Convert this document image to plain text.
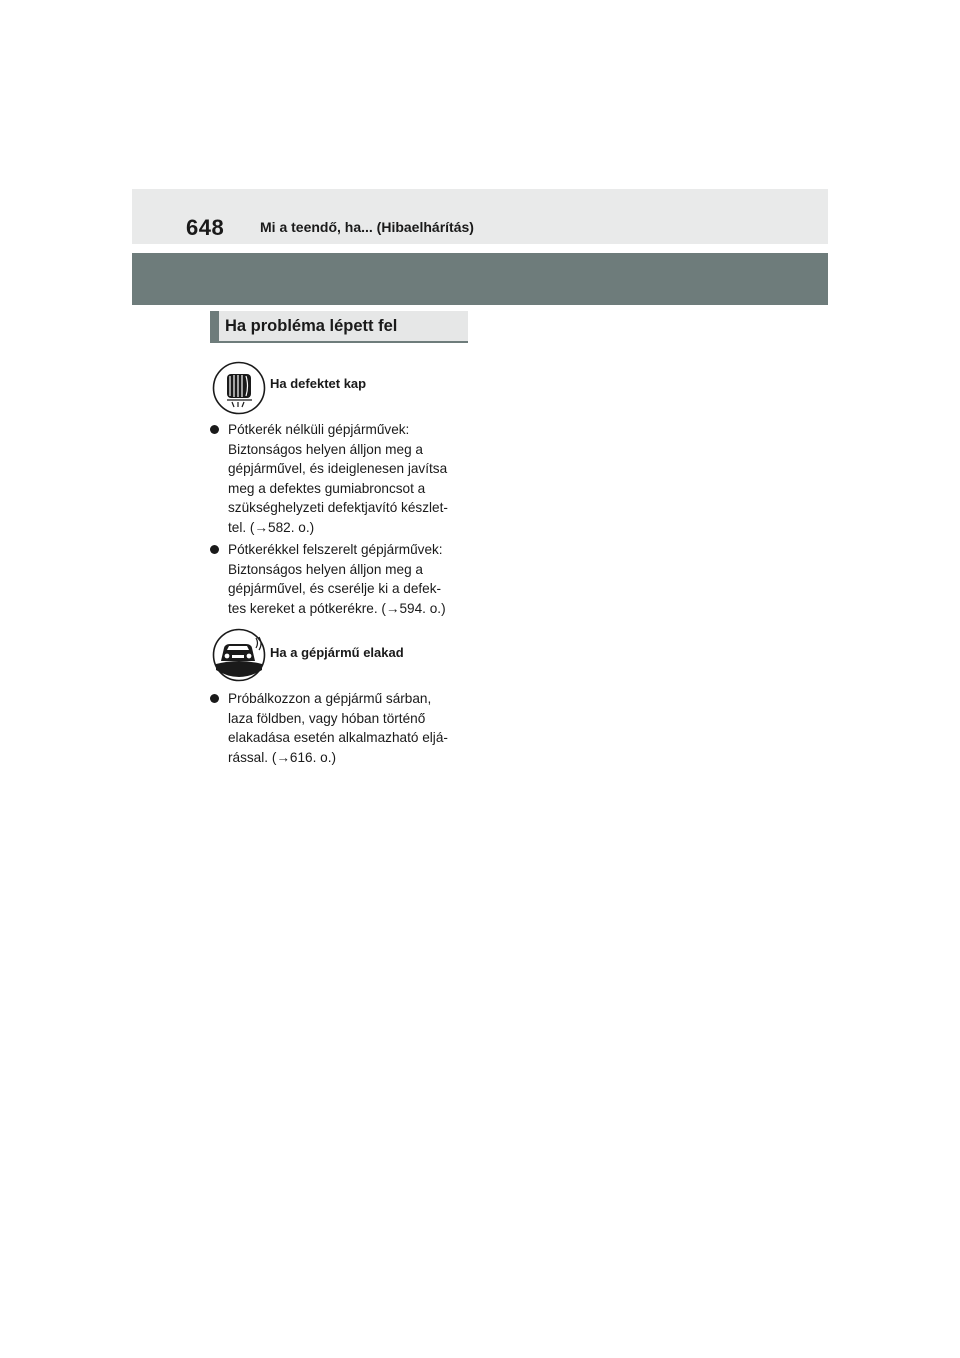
648	Mi a teendő, ha... (Hibaelhárítás)
Ha probléma lépett fel
Ha defektet kap
Pótkerék nélküli gépjárművek:
Biztonságos helyen álljon meg a
gépjárművel, és ideiglenesen javítsa
meg a defektes gumiabroncsot a
szükséghelyzeti defektjavító készlet-
tel. (→582. o.)
Pótkerékkel felszerelt gépjárművek:
Biztonságos helyen álljon meg a
gépjárművel, és cserélje ki a defek-
tes kereket a pótkerékre. (→594. o.)
Ha a gépjármű elakad
Próbálkozzon a gépjármű sárban,
laza földben, vagy hóban történő
elakadása esetén alkalmazható eljá-
rással. (→616. o.)
